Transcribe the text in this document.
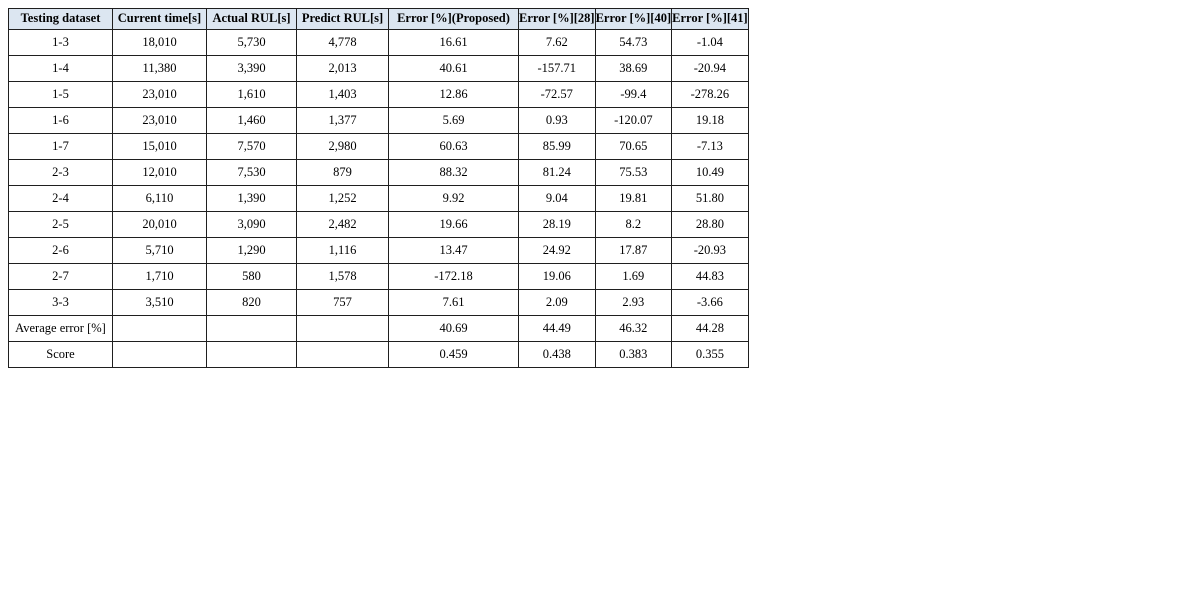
Testing dataset	Current time[s]	Actual RUL[s]	Predict RUL[s]	Error [%](Proposed)	Error [%][28]	Error [%][40]	Error [%][41]
1-3	18,010	5,730	4,778	16.61	7.62	54.73	-1.04
1-4	11,380	3,390	2,013	40.61	-157.71	38.69	-20.94
1-5	23,010	1,610	1,403	12.86	-72.57	-99.4	-278.26
1-6	23,010	1,460	1,377	5.69	0.93	-120.07	19.18
1-7	15,010	7,570	2,980	60.63	85.99	70.65	-7.13
2-3	12,010	7,530	879	88.32	81.24	75.53	10.49
2-4	6,110	1,390	1,252	9.92	9.04	19.81	51.80
2-5	20,010	3,090	2,482	19.66	28.19	8.2	28.80
2-6	5,710	1,290	1,116	13.47	24.92	17.87	-20.93
2-7	1,710	580	1,578	-172.18	19.06	1.69	44.83
3-3	3,510	820	757	7.61	2.09	2.93	-3.66
Average error [%]				40.69	44.49	46.32	44.28
Score				0.459	0.438	0.383	0.355
